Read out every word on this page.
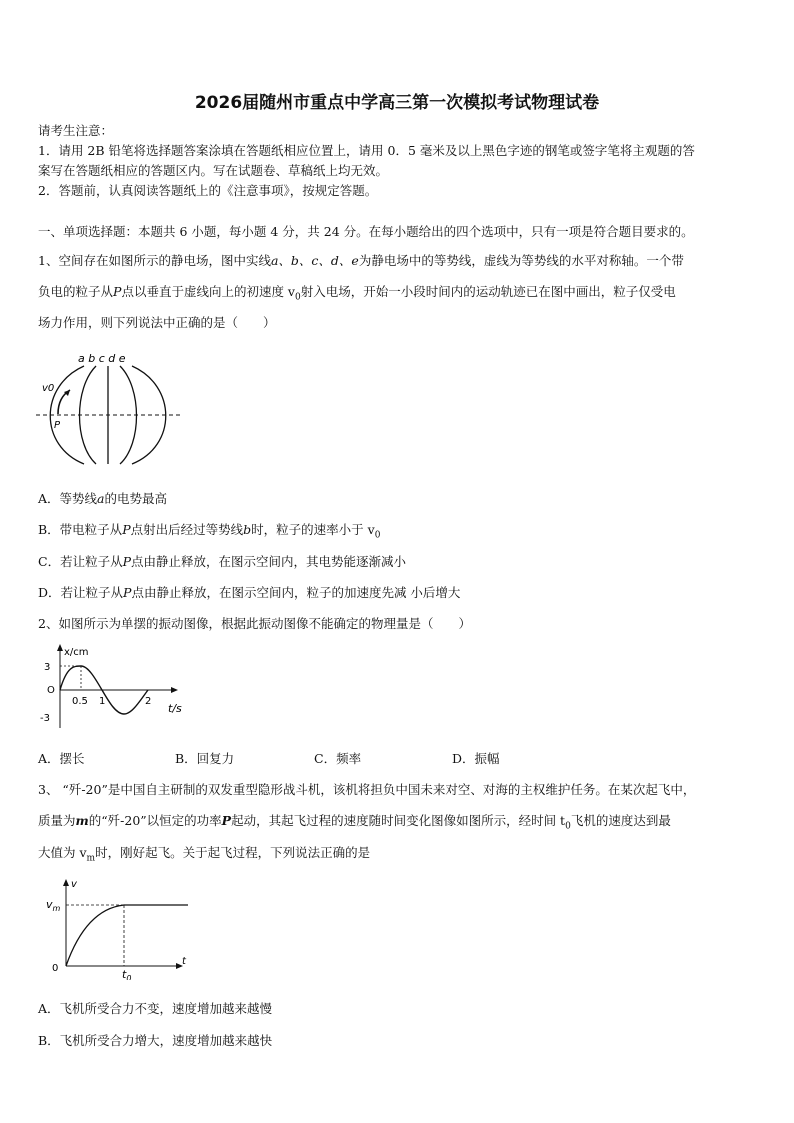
2026届随州市重点中学高三第一次模拟考试物理试卷
请考生注意：
1．请用 2B 铅笔将选择题答案涂填在答题纸相应位置上，请用 0．5 毫米及以上黑色字迹的钢笔或签字笔将主观题的答
案写在答题纸相应的答题区内。写在试题卷、草稿纸上均无效。
2．答题前，认真阅读答题纸上的《注意事项》，按规定答题。
一、单项选择题：本题共 6 小题，每小题 4 分，共 24 分。在每小题给出的四个选项中，只有一项是符合题目要求的。
1、空间存在如图所示的静电场，图中实线a、b、c、d、e为静电场中的等势线，虚线为等势线的水平对称轴。一个带
负电的粒子从P点以垂直于虚线向上的初速度 $v_0$射入电场，开始一小段时间内的运动轨迹已在图中画出，粒子仅受电
场力作用，则下列说法中正确的是（　　）
a b c d e
v0
P
A．等势线a的电势最高
B．带电粒子从P点射出后经过等势线b时，粒子的速率小于 $v_0$
C．若让粒子从P点由静止释放，在图示空间内，其电势能逐渐减小
D．若让粒子从P点由静止释放，在图示空间内，粒子的加速度先减 小后增大
2、如图所示为单摆的振动图像，根据此振动图像不能确定的物理量是（　　）
x/cm
t/s
3
O
-3
0.5 1	2
A．摆长	B．回复力	C．频率	D．振幅
3、 “歼-20”是中国自主研制的双发重型隐形战斗机，该机将担负中国未来对空、对海的主权维护任务。在某次起飞中，
质量为m的“歼-20”以恒定的功率P起动，其起飞过程的速度随时间变化图像如图所示，经时间 $t_0$飞机的速度达到最
大值为 $v_m$时，刚好起飞。关于起飞过程，下列说法正确的是
v
t
0
$v_m$
$t_0$
A．飞机所受合力不变，速度增加越来越慢
B．飞机所受合力增大，速度增加越来越快
